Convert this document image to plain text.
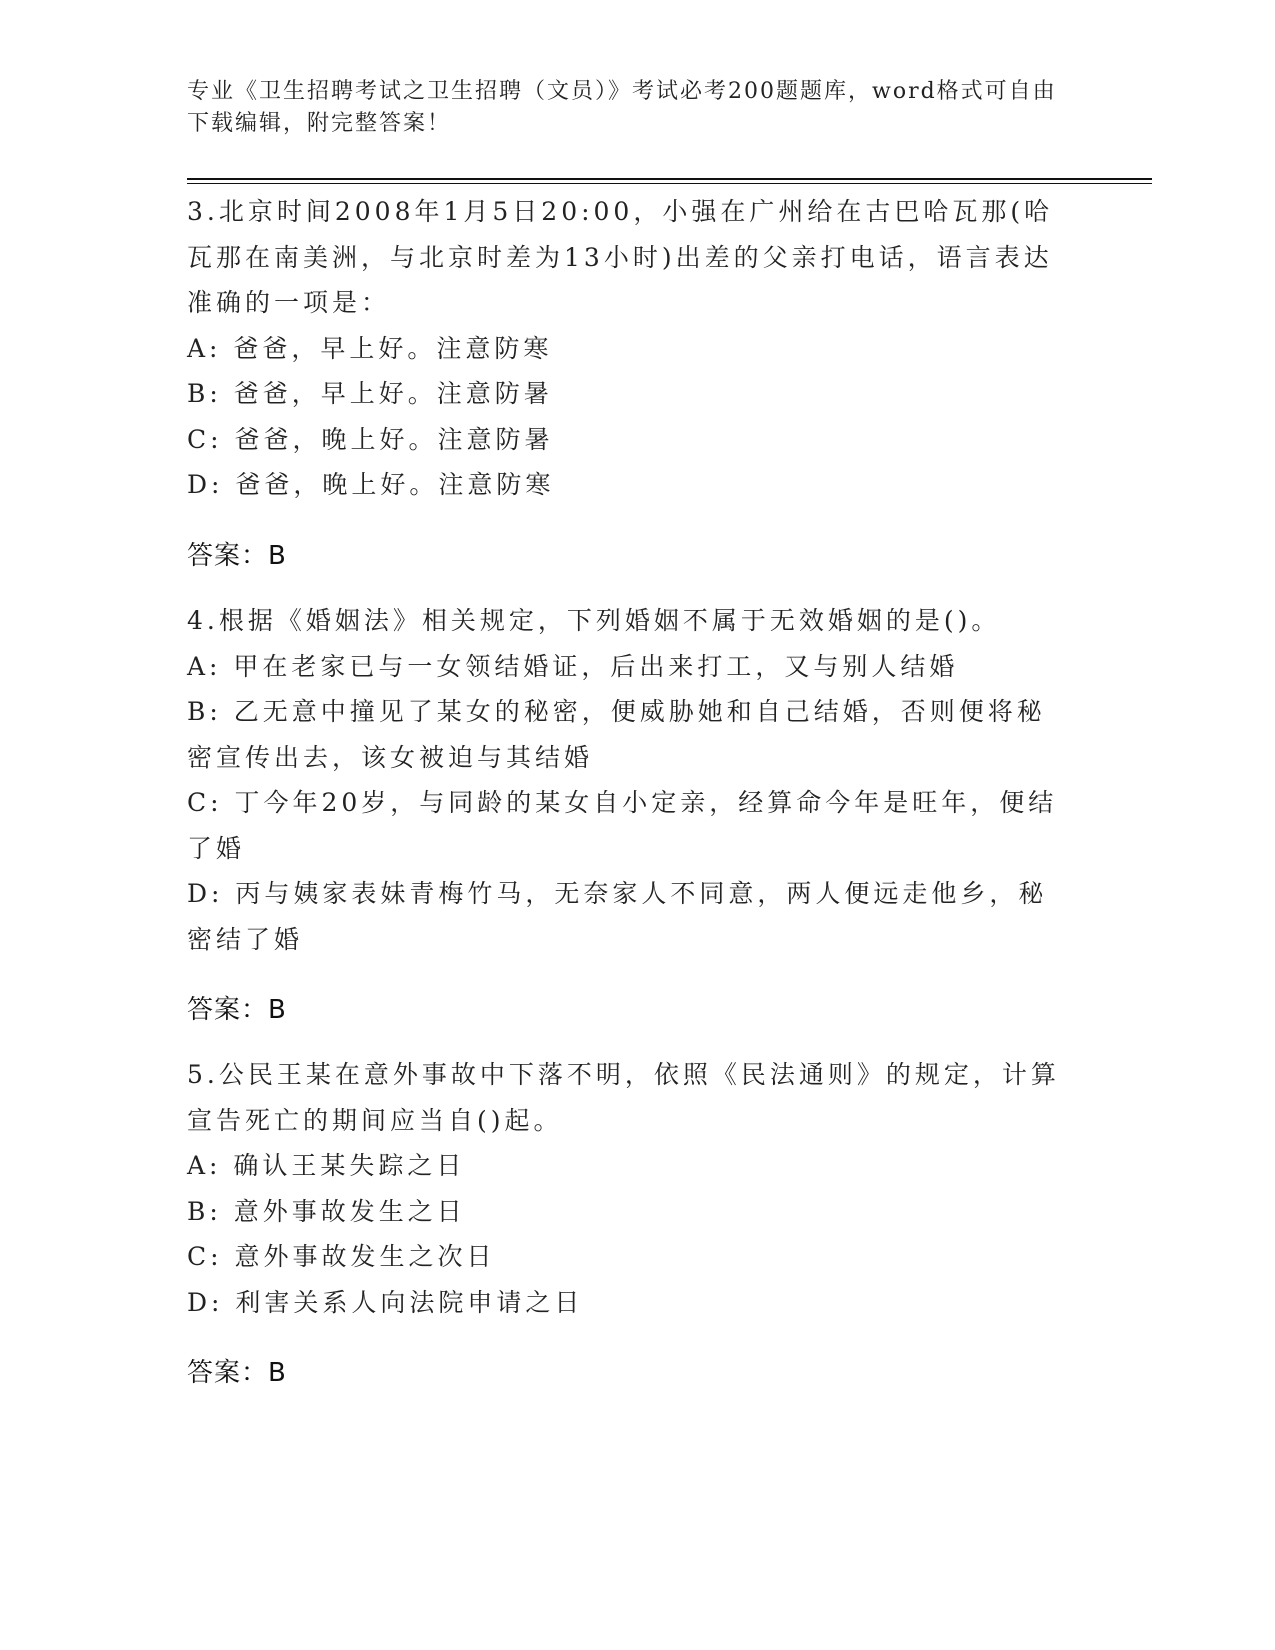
专业《卫生招聘考试之卫生招聘（文员）》考试必考200题题库，word格式可自由下载编辑，附完整答案！

3.北京时间2008年1月5日20:00，小强在广州给在古巴哈瓦那(哈瓦那在南美洲，与北京时差为13小时)出差的父亲打电话，语言表达准确的一项是：

A: 爸爸，早上好。注意防寒

B: 爸爸，早上好。注意防暑

C: 爸爸，晚上好。注意防暑

D: 爸爸，晚上好。注意防寒

答案：B

4.根据《婚姻法》相关规定，下列婚姻不属于无效婚姻的是()。

A: 甲在老家已与一女领结婚证，后出来打工，又与别人结婚

B: 乙无意中撞见了某女的秘密，便威胁她和自己结婚，否则便将秘密宣传出去，该女被迫与其结婚

C: 丁今年20岁，与同龄的某女自小定亲，经算命今年是旺年，便结了婚

D: 丙与姨家表妹青梅竹马，无奈家人不同意，两人便远走他乡，秘密结了婚

答案：B

5.公民王某在意外事故中下落不明，依照《民法通则》的规定，计算宣告死亡的期间应当自()起。

A: 确认王某失踪之日

B: 意外事故发生之日

C: 意外事故发生之次日

D: 利害关系人向法院申请之日

答案：B
